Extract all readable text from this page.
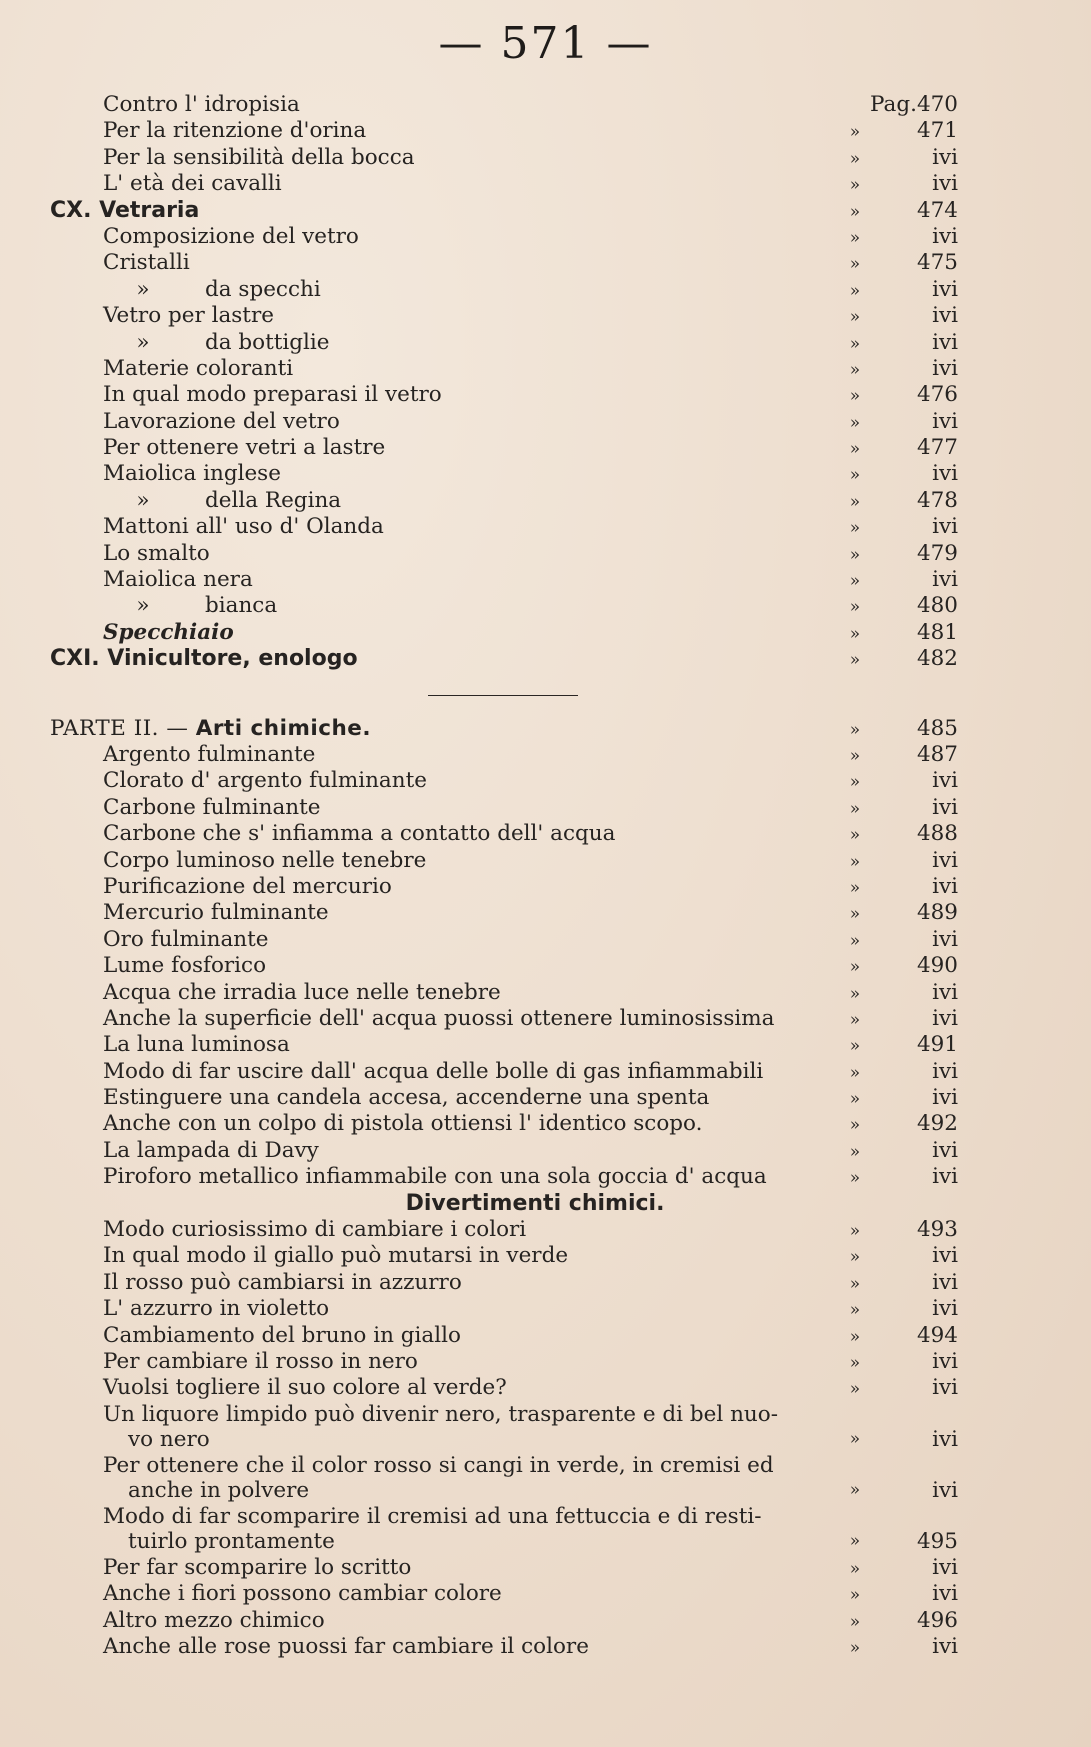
— 571 —
Contro l' idropisia	Pag.470
Per la ritenzione d'orina	»	471
Per la sensibilità della bocca	»	ivi
L' età dei cavalli	»	ivi
CX. Vetraria	»	474
Composizione del vetro	»	ivi
Cristalli	»	475
»	da specchi	»	ivi
Vetro per lastre	»	ivi
»	da bottiglie	»	ivi
Materie coloranti	»	ivi
In qual modo preparasi il vetro	»	476
Lavorazione del vetro	»	ivi
Per ottenere vetri a lastre	»	477
Maiolica inglese	»	ivi
»	della Regina	»	478
Mattoni all' uso d' Olanda	»	ivi
Lo smalto	»	479
Maiolica nera	»	ivi
»	bianca	»	480
Specchiaio	»	481
CXI. Vinicultore, enologo	»	482
PARTE II. — Arti chimiche.	»	485
Argento fulminante	»	487
Clorato d' argento fulminante	»	ivi
Carbone fulminante	»	ivi
Carbone che s' infiamma a contatto dell' acqua	»	488
Corpo luminoso nelle tenebre	»	ivi
Purificazione del mercurio	»	ivi
Mercurio fulminante	»	489
Oro fulminante	»	ivi
Lume fosforico	»	490
Acqua che irradia luce nelle tenebre	»	ivi
Anche la superficie dell' acqua puossi ottenere luminosissima	»	ivi
La luna luminosa	»	491
Modo di far uscire dall' acqua delle bolle di gas infiammabili	»	ivi
Estinguere una candela accesa, accenderne una spenta	»	ivi
Anche con un colpo di pistola ottiensi l' identico scopo.	»	492
La lampada di Davy	»	ivi
Piroforo metallico infiammabile con una sola goccia d' acqua	»	ivi
Divertimenti chimici.
Modo curiosissimo di cambiare i colori	»	493
In qual modo il giallo può mutarsi in verde	»	ivi
Il rosso può cambiarsi in azzurro	»	ivi
L' azzurro in violetto	»	ivi
Cambiamento del bruno in giallo	»	494
Per cambiare il rosso in nero	»	ivi
Vuolsi togliere il suo colore al verde?	»	ivi
Un liquore limpido può divenir nero, trasparente e di bel nuo-
vo nero	»	ivi
Per ottenere che il color rosso si cangi in verde, in cremisi ed
anche in polvere	»	ivi
Modo di far scomparire il cremisi ad una fettuccia e di resti-
tuirlo prontamente	»	495
Per far scomparire lo scritto	»	ivi
Anche i fiori possono cambiar colore	»	ivi
Altro mezzo chimico	»	496
Anche alle rose puossi far cambiare il colore	»	ivi
